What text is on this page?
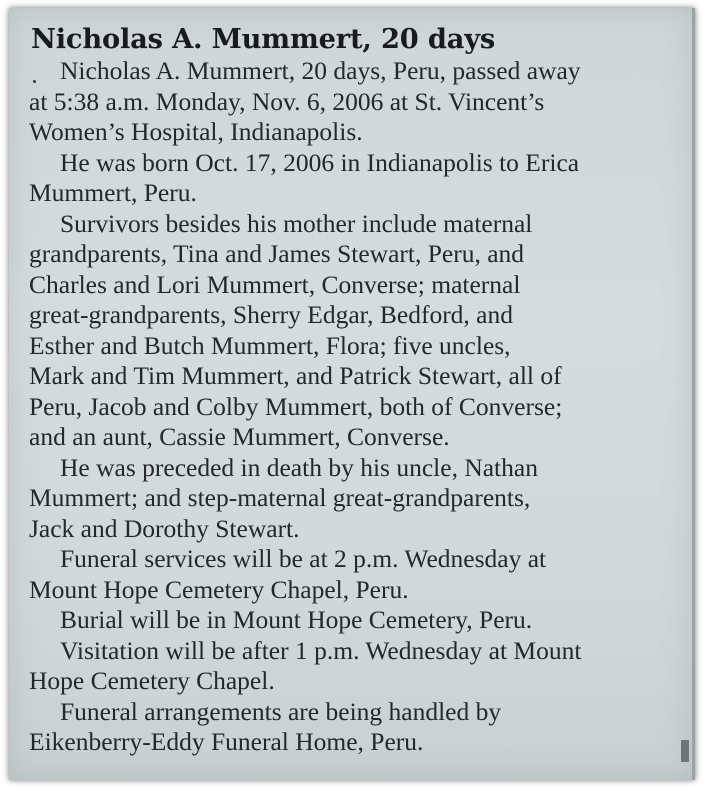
Nicholas A. Mummert, 20 days

Nicholas A. Mummert, 20 days, Peru, passed away
at 5:38 a.m. Monday, Nov. 6, 2006 at St. Vincent’s
Women’s Hospital, Indianapolis.

He was born Oct. 17, 2006 in Indianapolis to Erica
Mummert, Peru.

Survivors besides his mother include maternal
grandparents, Tina and James Stewart, Peru, and
Charles and Lori Mummert, Converse; maternal
great-grandparents, Sherry Edgar, Bedford, and
Esther and Butch Mummert, Flora; five uncles,
Mark and Tim Mummert, and Patrick Stewart, all of
Peru, Jacob and Colby Mummert, both of Converse;
and an aunt, Cassie Mummert, Converse.

He was preceded in death by his uncle, Nathan
Mummert; and step-maternal great-grandparents,
Jack and Dorothy Stewart.

Funeral services will be at 2 p.m. Wednesday at
Mount Hope Cemetery Chapel, Peru.

Burial will be in Mount Hope Cemetery, Peru.

Visitation will be after 1 p.m. Wednesday at Mount
Hope Cemetery Chapel.

Funeral arrangements are being handled by
Eikenberry-Eddy Funeral Home, Peru.
